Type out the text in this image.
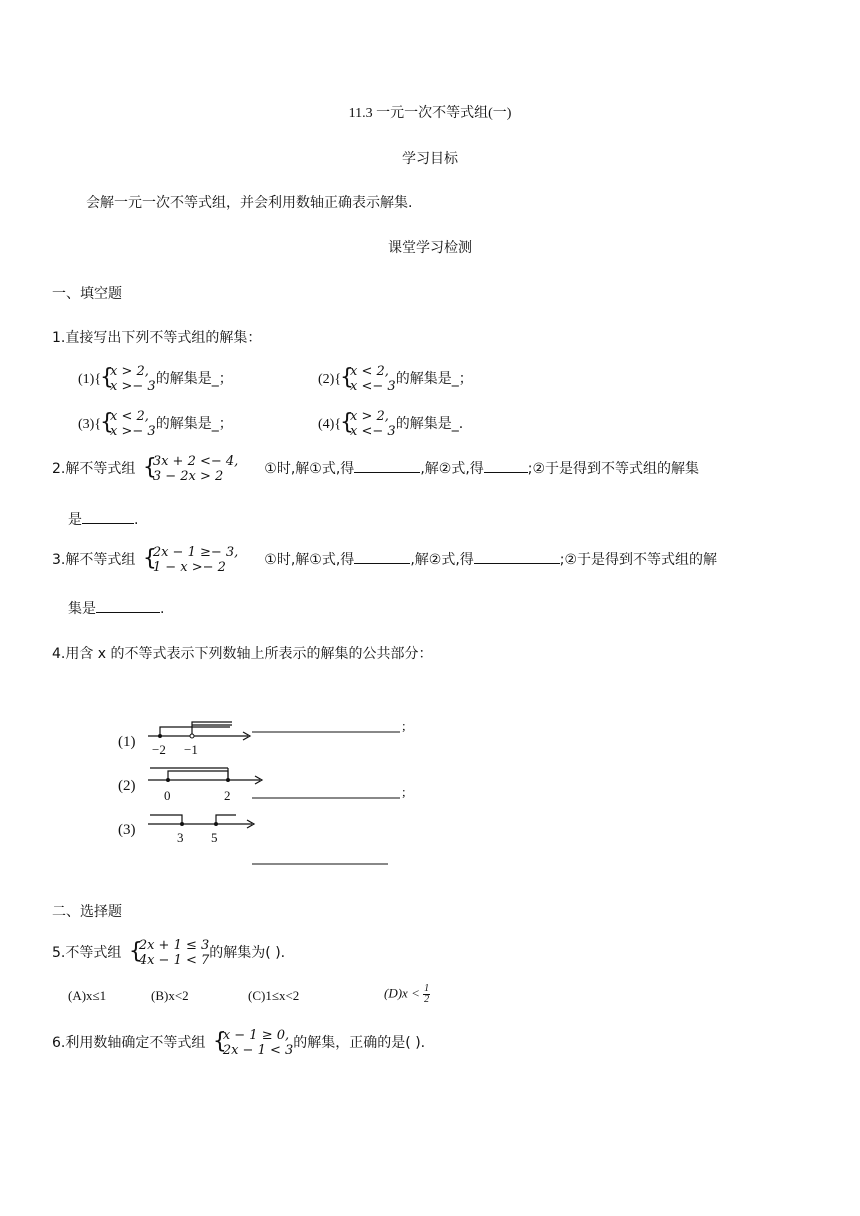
11.3 一元一次不等式组(一)
学习目标
会解一元一次不等式组，并会利用数轴正确表示解集.
课堂学习检测
一、填空题
1.直接写出下列不等式组的解集：
(1){
{ x > 2,
x >− 3 的解集是_；	(2){
{ x < 2,
x <− 3 的解集是_；
(3){
{ x < 2,
x >− 3 的解集是_；	(4){
{ x > 2,
x <− 3 的解集是_.
2.解不等式组 { 3x + 2 <− 4,
3 − 2x > 2	①时,解①式,得	,解②式,得	;②于是得到不等式组的解集
是	.
3.解不等式组 { 2x − 1 ≥− 3,
1 − x >− 2	①时,解①式,得	,解②式,得	;②于是得到不等式组的解
集是	.
4.用含 x 的不等式表示下列数轴上所表示的解集的公共部分：
(1) −2 −1
;
(2)
0	2	;
(3)	3 5
二、选择题
5.不等式组 { 2x + 1 ≤ 3
4x − 1 < 7 的解集为( ).
(A)x≤1	(B)x<2	(C)1≤x<2	$(D)x < \frac{1}{2}$
6.利用数轴确定不等式组 { x − 1 ≥ 0,
2x − 1 < 3 的解集，正确的是( ).
